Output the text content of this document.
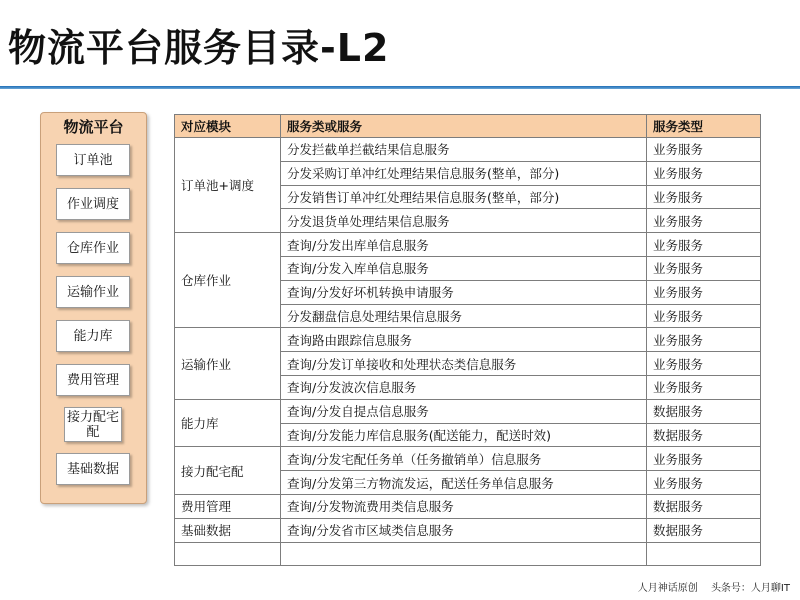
物流平台服务目录-L2
物流平台
订单池
作业调度
仓库作业
运输作业
能力库
费用管理
接力配宅配
基础数据
对应模块	服务类或服务	服务类型
订单池+调度	分发拦截单拦截结果信息服务	业务服务
	分发采购订单冲红处理结果信息服务(整单，部分)	业务服务
	分发销售订单冲红处理结果信息服务(整单，部分)	业务服务
	分发退货单处理结果信息服务	业务服务
仓库作业	查询/分发出库单信息服务	业务服务
	查询/分发入库单信息服务	业务服务
	查询/分发好坏机转换申请服务	业务服务
	分发翻盘信息处理结果信息服务	业务服务
运输作业	查询路由跟踪信息服务	业务服务
	查询/分发订单接收和处理状态类信息服务	业务服务
	查询/分发波次信息服务	业务服务
能力库	查询/分发自提点信息服务	数据服务
	查询/分发能力库信息服务(配送能力，配送时效)	数据服务
接力配宅配	查询/分发宅配任务单（任务撤销单）信息服务	业务服务
	查询/分发第三方物流发运，配送任务单信息服务	业务服务
费用管理	查询/分发物流费用类信息服务	数据服务
基础数据	查询/分发省市区域类信息服务	数据服务

人月神话原创 头条号：人月聊IT
